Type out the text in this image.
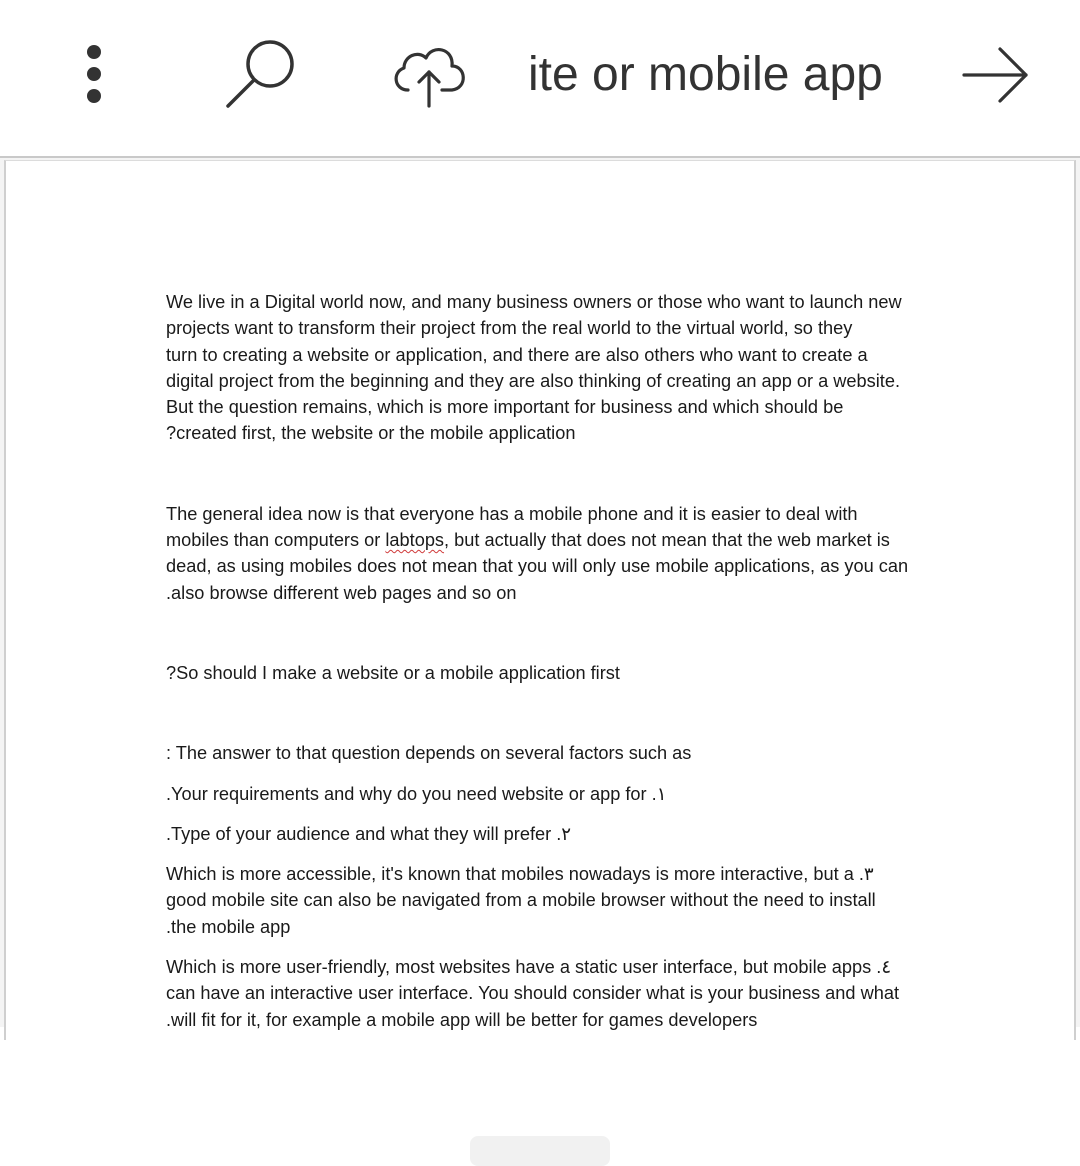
ite or mobile app

We live in a Digital world now, and many business owners or those who want to launch new

projects want to transform their project from the real world to the virtual world, so they

turn to creating a website or application, and there are also others who want to create a

digital project from the beginning and they are also thinking of creating an app or a website.

But the question remains, which is more important for business and which should be

?created first, the website or the mobile application

The general idea now is that everyone has a mobile phone and it is easier to deal with

mobiles than computers or labtops, but actually that does not mean that the web market is

dead, as using mobiles does not mean that you will only use mobile applications, as you can

.also browse different web pages and so on

?So should I make a website or a mobile application first

: The answer to that question depends on several factors such as

.Your requirements and why do you need website or app for .١

.Type of your audience and what they will prefer .٢

Which is more accessible, it's known that mobiles nowadays is more interactive, but a .٣

good mobile site can also be navigated from a mobile browser without the need to install

.the mobile app

Which is more user-friendly, most websites have a static user interface, but mobile apps .٤

can have an interactive user interface. You should consider what is your business and what

.will fit for it, for example a mobile app will be better for games developers
